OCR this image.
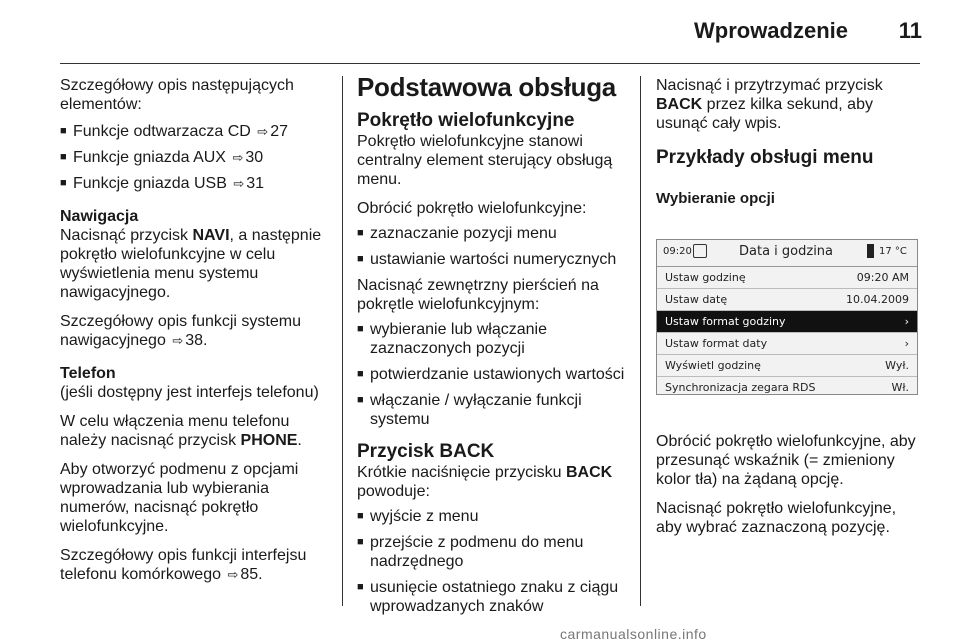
Wprowadzenie 11

Szczegółowy opis następujących elementów:

■ Funkcje odtwarzacza CD ⇨ 27
■ Funkcje gniazda AUX ⇨ 30
■ Funkcje gniazda USB ⇨ 31
Nawigacja

Nacisnąć przycisk NAVI, a następnie pokrętło wielofunkcyjne w celu wyświetlenia menu systemu nawigacyjnego.

Szczegółowy opis funkcji systemu nawigacyjnego ⇨ 38.

Telefon

(jeśli dostępny jest interfejs telefonu)

W celu włączenia menu telefonu należy nacisnąć przycisk PHONE.

Aby otworzyć podmenu z opcjami wprowadzania lub wybierania numerów, nacisnąć pokrętło wielofunkcyjne.

Szczegółowy opis funkcji interfejsu telefonu komórkowego ⇨ 85.

Podstawowa obsługa
Pokrętło wielofunkcyjne

Pokrętło wielofunkcyjne stanowi centralny element sterujący obsługą menu.

Obrócić pokrętło wielofunkcyjne:

■ zaznaczanie pozycji menu
■ ustawianie wartości numerycznych

Nacisnąć zewnętrzny pierścień na pokrętle wielofunkcyjnym:

■ wybieranie lub włączanie zaznaczonych pozycji
■ potwierdzanie ustawionych wartości
■ włączanie / wyłączanie funkcji systemu
Przycisk BACK

Krótkie naciśnięcie przycisku BACK powoduje:

■ wyjście z menu
■ przejście z podmenu do menu nadrzędnego
■ usunięcie ostatniego znaku z ciągu wprowadzanych znaków

Nacisnąć i przytrzymać przycisk BACK przez kilka sekund, aby usunąć cały wpis.

Przykłady obsługi menu
Wybieranie opcji
09:20	Data i godzina	17 °C
Ustaw godzinę	09:20 AM
Ustaw datę	10.04.2009
Ustaw format godziny	›
Ustaw format daty	›
Wyświetl godzinę	Wył.
Synchronizacja zegara RDS	Wł.

Obrócić pokrętło wielofunkcyjne, aby przesunąć wskaźnik (= zmieniony kolor tła) na żądaną opcję.

Nacisnąć pokrętło wielofunkcyjne, aby wybrać zaznaczoną pozycję.

carmanualsonline.info
